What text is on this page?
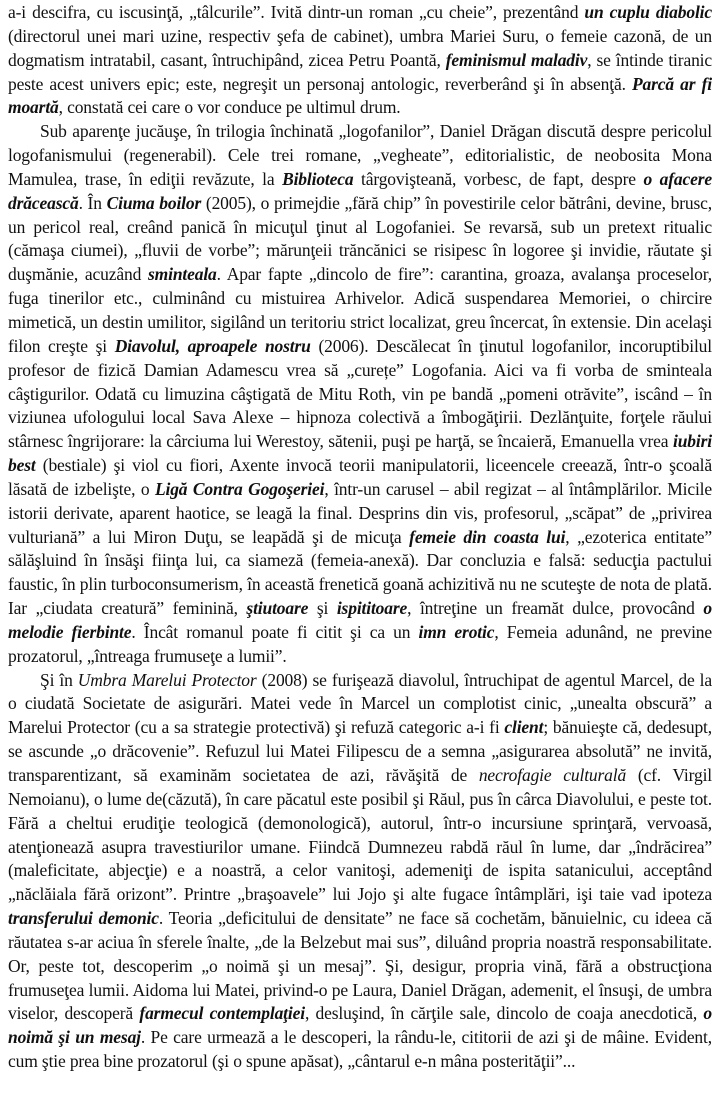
a-i descifra, cu iscusinţă, „tâlcurile”. Ivită dintr-un roman „cu cheie”, prezentând un cuplu diabolic (directorul unei mari uzine, respectiv şefa de cabinet), umbra Mariei Suru, o femeie cazonă, de un dogmatism intratabil, casant, întruchipând, zicea Petru Poantă, feminismul maladiv, se întinde tiranic peste acest univers epic; este, negreşit un personaj antologic, reverberând şi în absenţă. Parcă ar fi moartă, constată cei care o vor conduce pe ultimul drum.

Sub aparenţe jucăuşe, în trilogia închinată „logofanilor”, Daniel Drăgan discută despre pericolul logofanismului (regenerabil). Cele trei romane, „vegheate”, editorialistic, de neobosita Mona Mamulea, trase, în ediţii revăzute, la Biblioteca târgovişteană, vorbesc, de fapt, despre o afacere drăcească. În Ciuma boilor (2005), o primejdie „fără chip” în povestirile celor bătrâni, devine, brusc, un pericol real, creând panică în micuţul ţinut al Logofaniei. Se revarsă, sub un pretext ritualic (cămaşa ciumei), „fluvii de vorbe”; mărunţeii trăncănici se risipesc în logoree şi invidie, răutate şi duşmănie, acuzând sminteala. Apar fapte „dincolo de fire”: carantina, groaza, avalanşa proceselor, fuga tinerilor etc., culminând cu mistuirea Arhivelor. Adică suspendarea Memoriei, o chircire mimetică, un destin umilitor, sigilând un teritoriu strict localizat, greu încercat, în extensie. Din acelaşi filon creşte şi Diavolul, aproapele nostru (2006). Descălecat în ţinutul logofanilor, incoruptibilul profesor de fizică Damian Adamescu vrea să „curețe” Logofania. Aici va fi vorba de sminteala câştigurilor. Odată cu limuzina câştigată de Mitu Roth, vin pe bandă „pomeni otrăvite”, iscând – în viziunea ufologului local Sava Alexe – hipnoza colectivă a îmbogăţirii. Dezlănţuite, forţele răului stârnesc îngrijorare: la cârciuma lui Werestoy, sătenii, puşi pe harţă, se încaieră, Emanuella vrea iubiri best (bestiale) şi viol cu fiori, Axente invocă teorii manipulatorii, liceencele creează, într-o şcoală lăsată de izbelişte, o Ligă Contra Gogoşeriei, într-un carusel – abil regizat – al întâmplărilor. Micile istorii derivate, aparent haotice, se leagă la final. Desprins din vis, profesorul, „scăpat” de „privirea vulturiană” a lui Miron Duţu, se leapădă şi de micuţa femeie din coasta lui, „ezoterica entitate” sălăşluind în însăşi fiinţa lui, ca siameză (femeia-anexă). Dar concluzia e falsă: seducţia pactului faustic, în plin turboconsumerism, în această frenetică goană achizitivă nu ne scuteşte de nota de plată. Iar „ciudata creatură” feminină, ştiutoare şi ispititoare, întreţine un freamăt dulce, provocând o melodie fierbinte. Încât romanul poate fi citit şi ca un imn erotic, Femeia adunând, ne previne prozatorul, „întreaga frumuseţe a lumii”.

Şi în Umbra Marelui Protector (2008) se furişează diavolul, întruchipat de agentul Marcel, de la o ciudată Societate de asigurări. Matei vede în Marcel un complotist cinic, „unealta obscură” a Marelui Protector (cu a sa strategie protectivă) şi refuză categoric a-i fi client; bănuieşte că, dedesupt, se ascunde „o drăcovenie”. Refuzul lui Matei Filipescu de a semna „asigurarea absolută” ne invită, transparentizant, să examinăm societatea de azi, răvăşită de necrofagie culturală (cf. Virgil Nemoianu), o lume de(căzută), în care păcatul este posibil şi Răul, pus în cârca Diavolului, e peste tot. Fără a cheltui erudiţie teologică (demonologică), autorul, într-o incursiune sprinţară, vervoasă, atenţionează asupra travestiurilor umane. Fiindcă Dumnezeu rabdă răul în lume, dar „îndrăcirea” (maleficitate, abjecţie) e a noastră, a celor vanitoşi, ademeniţi de ispita satanicului, acceptând „năclăiala fără orizont”. Printre „braşoavele” lui Jojo şi alte fugace întâmplări, işi taie vad ipoteza transferului demonic. Teoria „deficitului de densitate” ne face să cochetăm, bănuielnic, cu ideea că răutatea s-ar aciua în sferele înalte, „de la Belzebut mai sus”, diluând propria noastră responsabilitate. Or, peste tot, descoperim „o noimă şi un mesaj”. Şi, desigur, propria vină, fără a obstrucţiona frumuseţea lumii. Aidoma lui Matei, privind-o pe Laura, Daniel Drăgan, ademenit, el însuşi, de umbra viselor, descoperă farmecul contemplaţiei, desluşind, în cărţile sale, dincolo de coaja anecdotică, o noimă şi un mesaj. Pe care urmează a le descoperi, la rându-le, cititorii de azi şi de mâine. Evident, cum ştie prea bine prozatorul (şi o spune apăsat), „cântarul e-n mâna posterităţii”...
